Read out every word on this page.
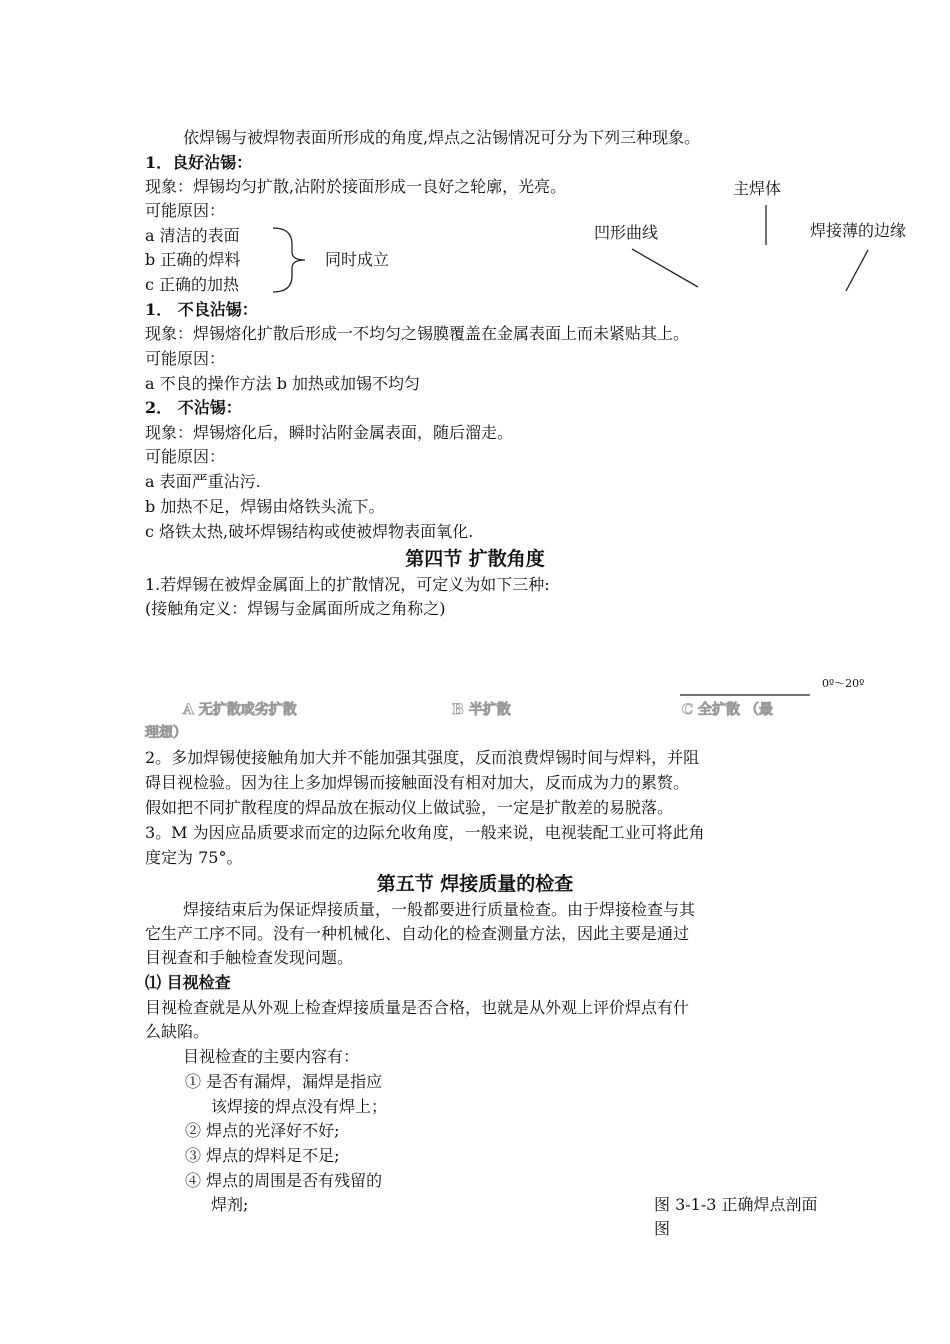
依焊锡与被焊物表面所形成的角度,焊点之沾锡情况可分为下列三种现象。
1．良好沾锡：
现象：焊锡均匀扩散,沾附於接面形成一良好之轮廓，光亮。
可能原因：
a 清洁的表面
b 正确的焊料
c 正确的加热
同时成立
主焊体
凹形曲线	焊接薄的边缘
1． 不良沾锡：
现象：焊锡熔化扩散后形成一不均匀之锡膜覆盖在金属表面上而未紧贴其上。
可能原因：
a 不良的操作方法 b 加热或加锡不均匀
2． 不沾锡：
现象：焊锡熔化后，瞬时沾附金属表面，随后溜走。
可能原因：
a 表面严重沾污.
b 加热不足，焊锡由烙铁头流下。
c 烙铁太热,破坏焊锡结构或使被焊物表面氧化.
第四节 扩散角度
1.若焊锡在被焊金属面上的扩散情况，可定义为如下三种:
(接触角定义：焊锡与金属面所成之角称之)
0º～20º
A 无扩散或劣扩散	B 半扩散	C 全扩散 （最
理想）
2。多加焊锡使接触角加大并不能加强其强度，反而浪费焊锡时间与焊料，并阻
碍目视检验。因为往上多加焊锡而接触面没有相对加大，反而成为力的累赘。
假如把不同扩散程度的焊品放在振动仪上做试验，一定是扩散差的易脱落。
3。M 为因应品质要求而定的边际允收角度，一般来说，电视装配工业可将此角
度定为 75°。
第五节 焊接质量的检查
焊接结束后为保证焊接质量，一般都要进行质量检查。由于焊接检查与其
它生产工序不同。没有一种机械化、自动化的检查测量方法，因此主要是通过
目视查和手触检查发现问题。
⑴ 目视检查
目视检查就是从外观上检查焊接质量是否合格，也就是从外观上评价焊点有什
么缺陷。
目视检查的主要内容有：
① 是否有漏焊，漏焊是指应
该焊接的焊点没有焊上；
② 焊点的光泽好不好;
③ 焊点的焊料足不足;
④ 焊点的周围是否有残留的
焊剂;	图 3-1-3 正确焊点剖面
图
